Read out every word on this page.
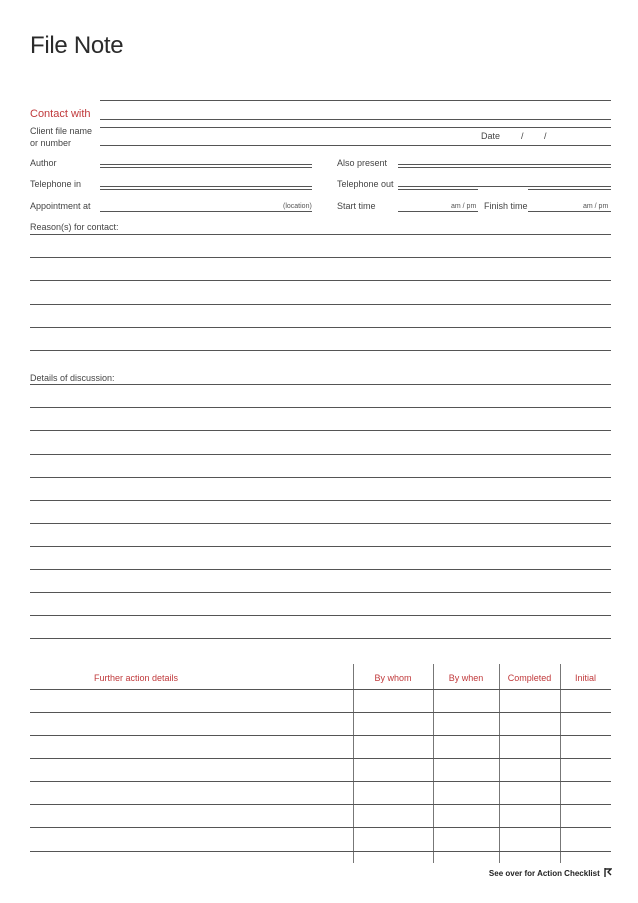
File Note
Contact with
Client file name
or number
Date / /
Author	Also present
Telephone in	Telephone out
Appointment at	(location)	Start time	am / pm Finish time	am / pm
Reason(s) for contact:
Details of discussion:
Further action details	By whom	By when	Completed	Initial
See over for Action Checklist
